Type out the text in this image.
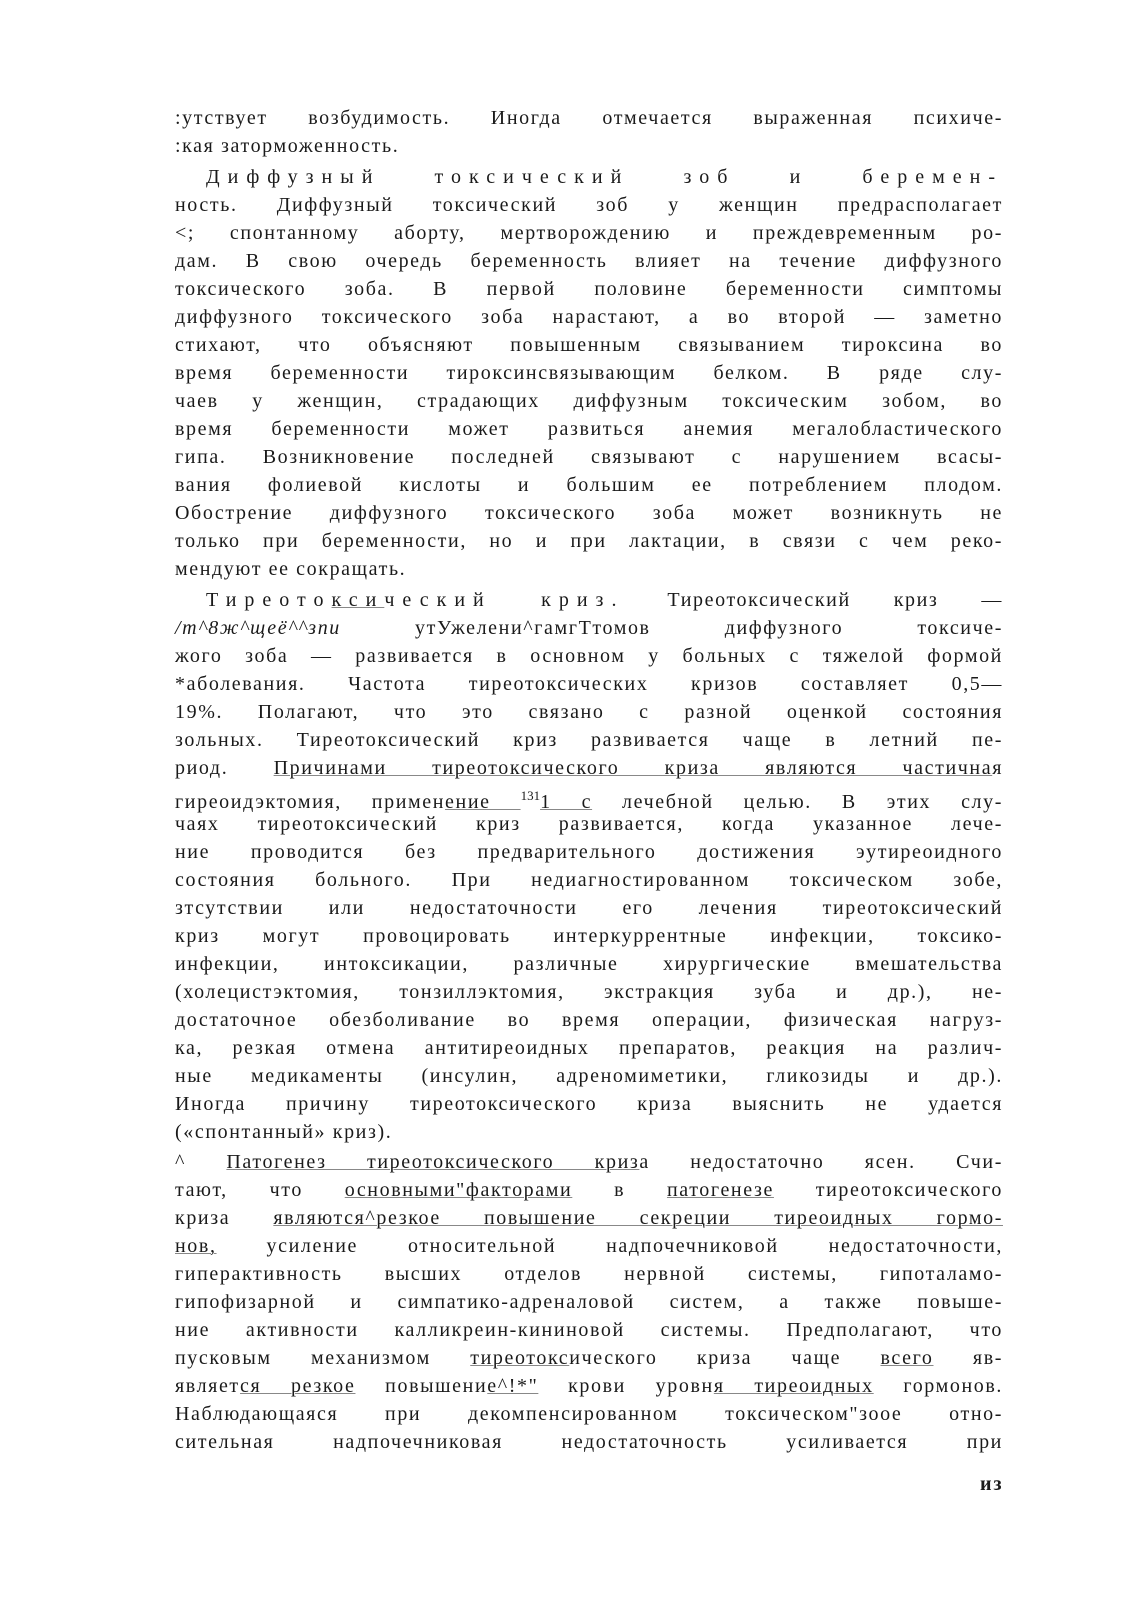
:утствует возбудимость. Иногда отмечается выраженная психиче-

:кая заторможенность.

Диффузный токсический зоб и беремен-

ность. Диффузный токсический зоб у женщин предрасполагает

<; спонтанному аборту, мертворождению и преждевременным ро-

дам. В свою очередь беременность влияет на течение диффузного

токсического зоба. В первой половине беременности симптомы

диффузного токсического зоба нарастают, а во второй — заметно

стихают, что объясняют повышенным связыванием тироксина во

время беременности тироксинсвязывающим белком. В ряде слу-

чаев у женщин, страдающих диффузным токсическим зобом, во

время беременности может развиться анемия мегалобластического

гипа. Возникновение последней связывают с нарушением всасы-

вания фолиевой кислоты и большим ее потреблением плодом.

Обострение диффузного токсического зоба может возникнуть не

только при беременности, но и при лактации, в связи с чем реко-

мендуют ее сокращать.

Тиреотоксический криз. Тиреотоксический криз —

/т^8ж^щеё^^зпи утУжелени^гамгТтомов диффузного токсиче-

жого зоба — развивается в основном у больных с тяжелой формой

*аболевания. Частота тиреотоксических кризов составляет 0,5—

19%. Полагают, что это связано с разной оценкой состояния

зольных. Тиреотоксический криз развивается чаще в летний пе-

риод. Причинами тиреотоксического криза являются частичная

гиреоидэктомия, применение $^{131}$1 с лечебной целью. В этих слу-

чаях тиреотоксический криз развивается, когда указанное лече-

ние проводится без предварительного достижения эутиреоидного

состояния больного. При недиагностированном токсическом зобе,

зтсутствии или недостаточности его лечения тиреотоксический

криз могут провоцировать интеркуррентные инфекции, токсико-

инфекции, интоксикации, различные хирургические вмешательства

(холецистэктомия, тонзиллэктомия, экстракция зуба и др.), не-

достаточное обезболивание во время операции, физическая нагруз-

ка, резкая отмена антитиреоидных препаратов, реакция на различ-

ные медикаменты (инсулин, адреномиметики, гликозиды и др.).

Иногда причину тиреотоксического криза выяснить не удается

(«спонтанный» криз).

^ Патогенез тиреотоксического криза недостаточно ясен. Счи-

тают, что основными"факторами в патогенезе тиреотоксического

криза являются^резкое повышение секреции тиреоидных гормо-

нов, усиление относительной надпочечниковой недостаточности,

гиперактивность высших отделов нервной системы, гипоталамо-

гипофизарной и симпатико-адреналовой систем, а также повыше-

ние активности калликреин-кининовой системы. Предполагают, что

пусковым механизмом тиреотоксического криза чаще всего яв-

является резкое повышение^!*" крови уровня тиреоидных гормонов.

Наблюдающаяся при декомпенсированном токсическом"зоое отно-

сительная надпочечниковая недостаточность усиливается при

из
